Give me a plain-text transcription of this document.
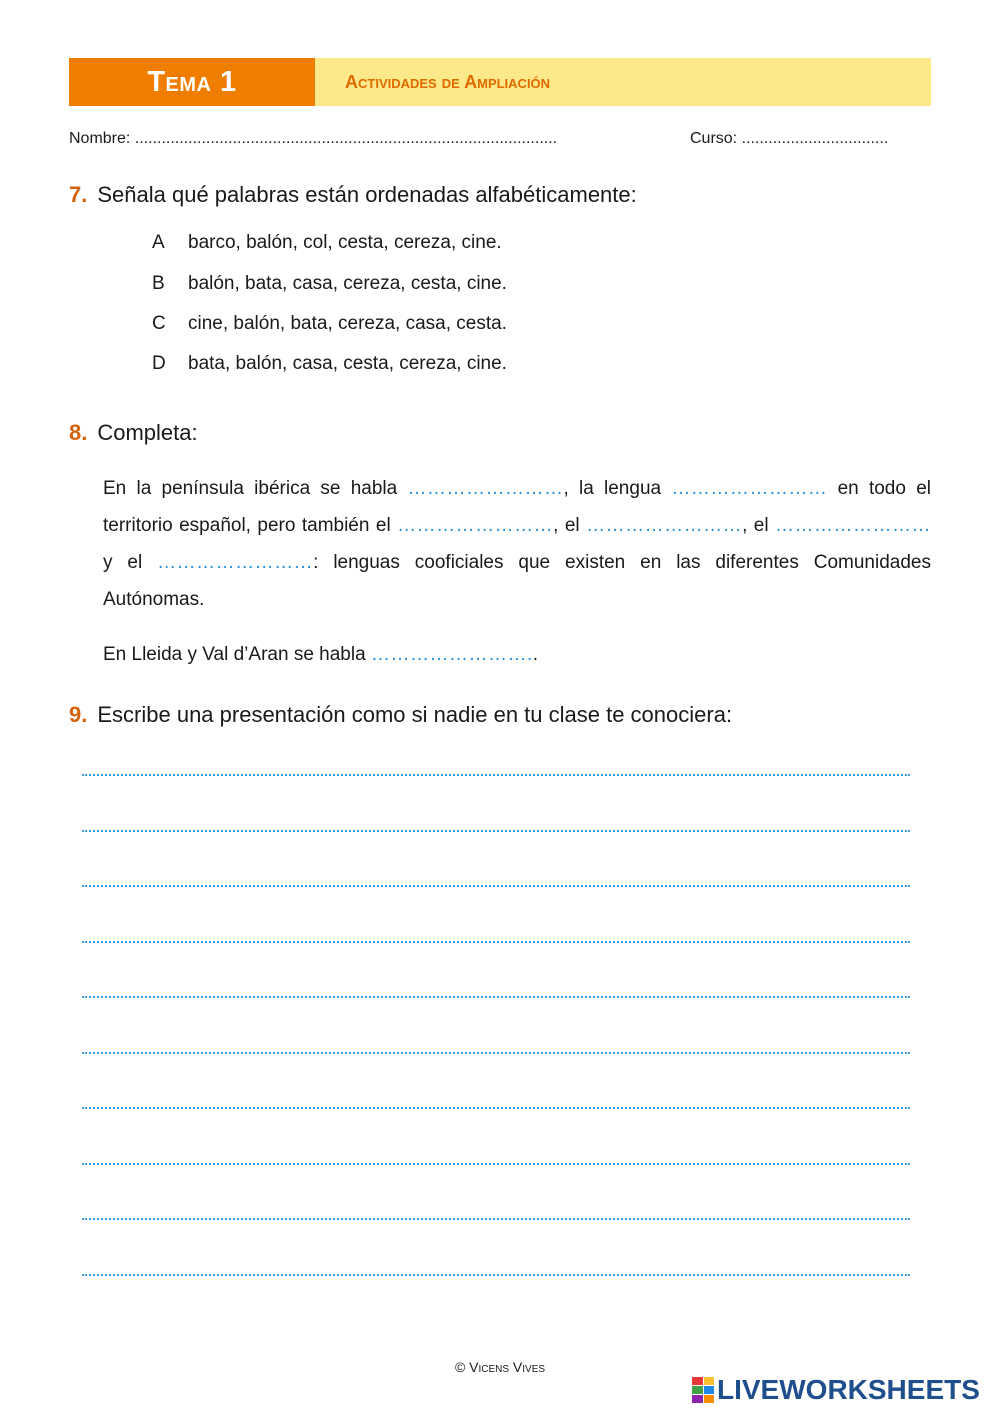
Tema 1	Actividades de Ampliación
Nombre: ...............................................................................................	Curso: .................................
7. Señala qué palabras están ordenadas alfabéticamente:
A barco, balón, col, cesta, cereza, cine.
B balón, bata, casa, cereza, cesta, cine.
C cine, balón, bata, cereza, casa, cesta.
D bata, balón, casa, cesta, cereza, cine.
8. Completa:
En la península ibérica se habla ……………………, la lengua …………………… en todo el territorio español, pero también el ……………………, el ……………………, el …………………… y el ……………………: lenguas cooficiales que existen en las diferentes Comunidades Autónomas.
En Lleida y Val d’Aran se habla ……………………..
9. Escribe una presentación como si nadie en tu clase te conociera:
© Vicens Vives
LIVEWORKSHEETS
